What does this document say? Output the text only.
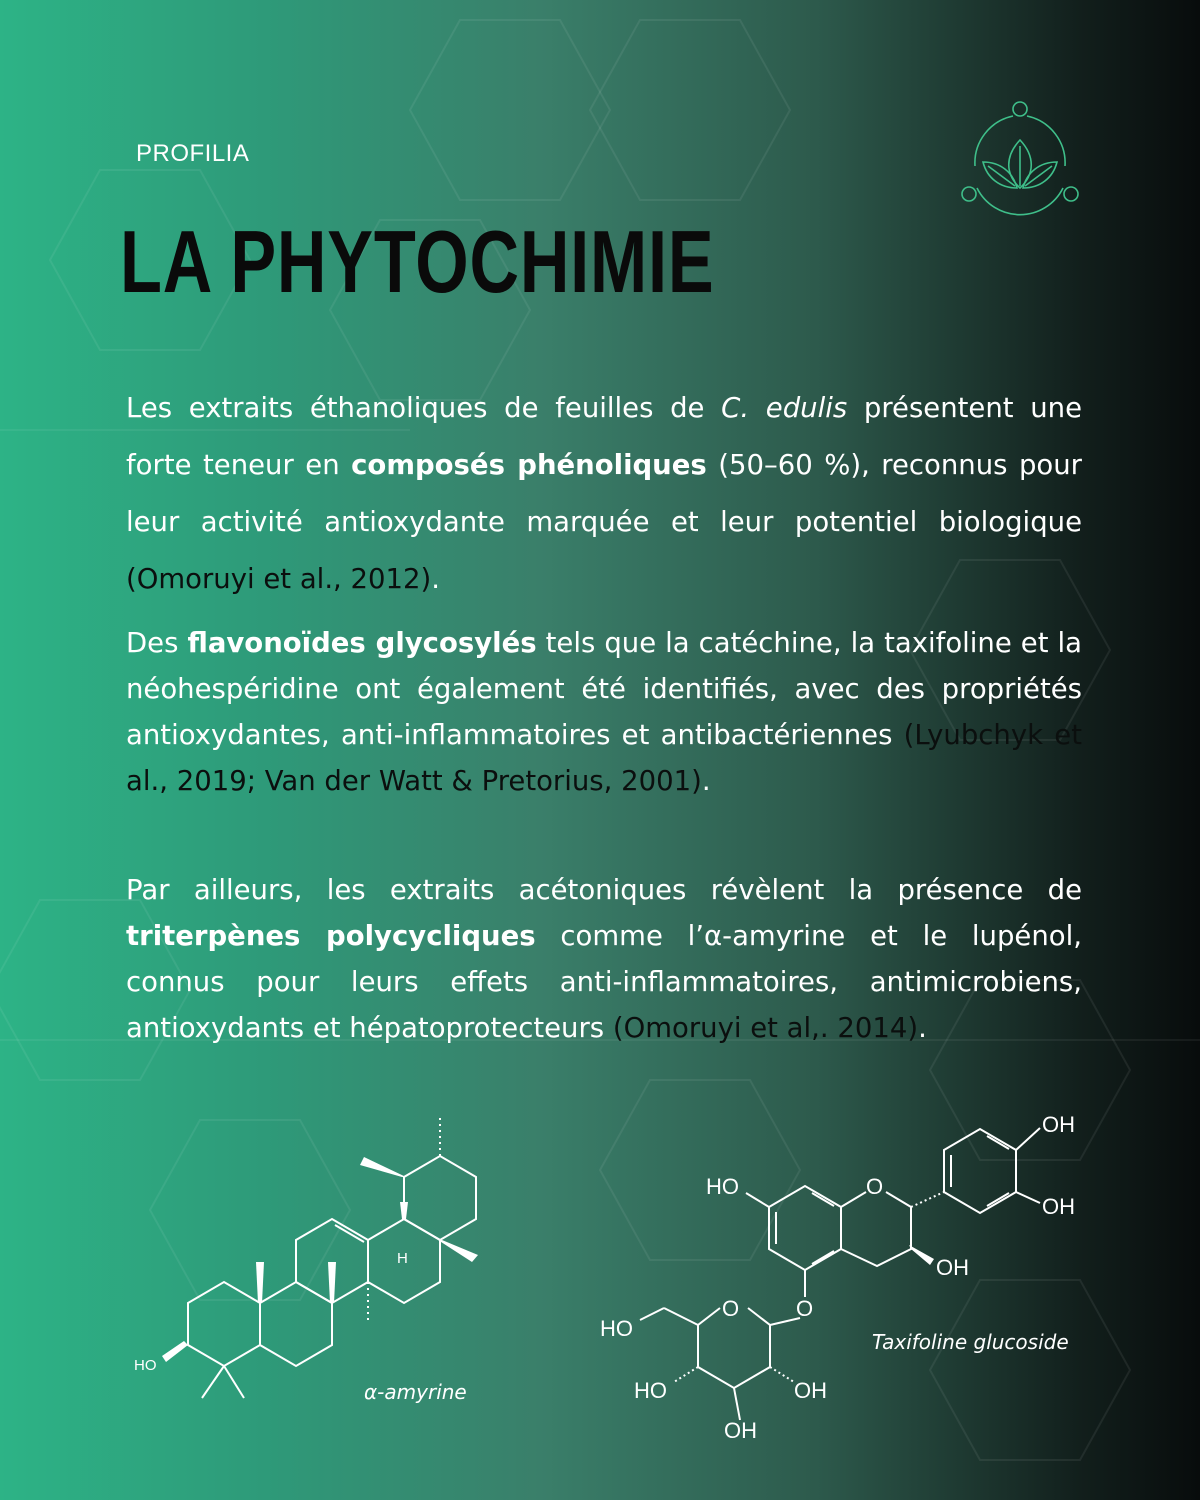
PROFILIA
LA PHYTOCHIMIE

Les extraits éthanoliques de feuilles de C. edulis présentent une forte teneur en composés phénoliques (50–60 %), reconnus pour leur activité antioxydante marquée et leur potentiel biologique (Omoruyi et al., 2012).

Des flavonoïdes glycosylés tels que la catéchine, la taxifoline et la néohespéridine ont également été identifiés, avec des propriétés antioxydantes, anti-inflammatoires et antibactériennes (Lyubchyk et al., 2019; Van der Watt & Pretorius, 2001).

Par ailleurs, les extraits acétoniques révèlent la présence de triterpènes polycycliques comme l’α-amyrine et le lupénol, connus pour leurs effets anti-inflammatoires, antimicrobiens, antioxydants et hépatoprotecteurs (Omoruyi et al,. 2014).

HO
H
OH
OH
HO	O
OH
O
O
HO
HO	OH
OH
α-amyrine
Taxifoline glucoside
